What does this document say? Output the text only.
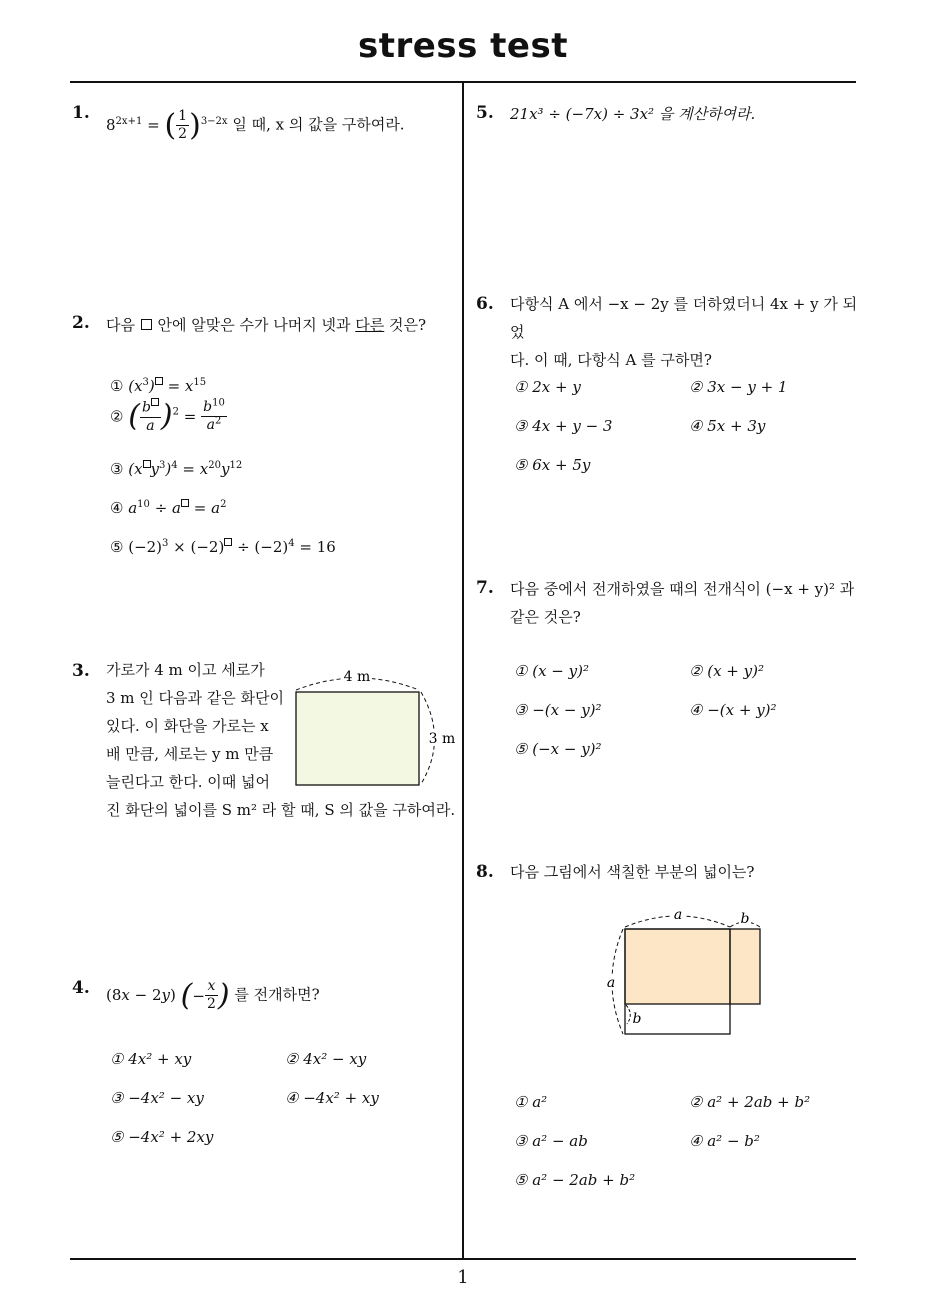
stress test
1
1.
$8^{2x+1}$ = ( $\frac{1}{2} )^{3-2x}$ 일 때, x 의 값을 구하여라.
2. 다음  안에 알맞은 수가 나머지 넷과 다른 것은?
① $(x^3) = x^{15}$
② ( $\frac{b}{a} )^2 = \frac{b^{10}}{a^2}$
③ (x $y^3)^4 = x^{20}y^{12}$
④ $a^{10} \div a = a^2$
⑤ $(-2)^3 \times (-2) \div (-2)^4 = 16$
3. 가로가 4 m 이고 세로가
3 m 인 다음과 같은 화단이
있다. 이 화단을 가로는 x
배 만큼, 세로는 y m 만큼
늘린다고 한다. 이때 넓어
진 화단의 넓이를 S m² 라 할 때, S 의 값을 구하여라.
4 m
3 m
4. (8x − 2y) (− $\frac{x}{2}$ ) 를 전개하면?
① 4x² + xy	② 4x² − xy
③ −4x² − xy	④ −4x² + xy
⑤ −4x² + 2xy
5. 21x³ ÷ (−7x) ÷ 3x² 을 계산하여라.
6. 다항식 A 에서 −x − 2y 를 더하였더니 4x + y 가 되었
다. 이 때, 다항식 A 를 구하면?
① 2x + y	② 3x − y + 1
③ 4x + y − 3	④ 5x + 3y
⑤ 6x + 5y
7. 다음 중에서 전개하였을 때의 전개식이 (−x + y)² 과
같은 것은?
① (x − y)²	② (x + y)²
③ −(x − y)²	④ −(x + y)²
⑤ (−x − y)²
8. 다음 그림에서 색칠한 부분의 넓이는?
a	b
a
b
① a²	② a² + 2ab + b²
③ a² − ab	④ a² − b²
⑤ a² − 2ab + b²
